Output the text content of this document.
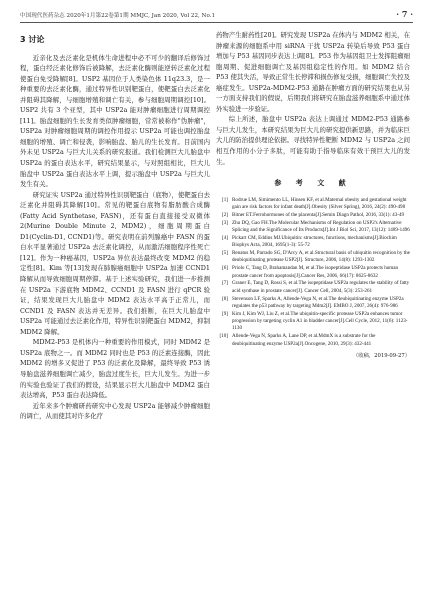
中国现代医药杂志 2020年1月第22卷第1期 MMJC, Jan 2020, Vol 22, No.1	· 7 ·
3 讨论

近亲化及去泛素化是机体生命进程中必不可少的翻译后修饰过程，蛋白经泛素化修饰后被降解，去泛素化酶则能逆转泛素化过程使蛋白免受降解[8]。USP2 基因位于人类染色体 11q23.3，是一种重要的去泛素化酶，通过特异性识别靶蛋白，使靶蛋白去泛素化并阻碍其降解，与细胞增殖和调亡有关，参与细胞周期调控[10]。USP2 共有 3 个亚型，其中 USP2a 能对肿瘤细胞进行周期调控[11]。胎盘细胞的生长发育类似肿瘤细胞，常常被称作"伪肿瘤"，USP2a 对肿瘤细胞周期的调控作用提示 USP2a 可能也调控胎盘细胞的增殖、调亡和侵袭，影响胎盘、胎儿的生长发育。目前国内外未见 USP2a 与巨大儿关系的研究报道。我们检测巨大儿胎盘中 USP2a 的蛋白表达水平，研究结果显示，与对照组相比，巨大儿胎盘中 USP2a 蛋白表达水平上调，提示胎盘中 USP2a 与巨大儿发生有关。

研究证实 USP2a 通过特异性识别靶蛋白（底物），使靶蛋白去泛素化并阻碍其降解[10]。常见的靶蛋白底物有脂肪酸合成酶(Fatty Acid Synthetase, FASN)，还有蛋白直接接受双微体 2(Murine Double Minute 2, MDM2)，细胞周期蛋白 D1(Cyclin-D1, CCND1)等。研究表明在前列腺癌中 FASN 的蛋白水平显著通过 USP2a 去泛素化调控，从而激活细胞程序性死亡[12]。作为一种癌基因，USP2a 异位表达最终改变 MDM2 的稳定性[8]。Kim 等[13]发现在肺腺癌细胞中 USP2a 加速 CCND1 降解从而导致细胞周期停滞。基于上述实验研究，我们进一步推测在 USP2a 下游底物 MDM2、CCND1 及 FASN 进行 qPCR 验证，结果发现巨大儿胎盘中 MDM2 表达水平高于正常儿，而 CCND1 及 FASN 表达并无差异。我们推断，在巨大儿胎盘中 USP2a 可能通过去泛素化作用，特异性识别靶蛋白 MDM2，抑制 MDM2 降解。

MDM2-P53 是机体内一种重要的作用模式，同时 MDM2 是 USP2a 底物之一。而 MDM2 同时也是 P53 的泛素连接酶，因此 MDM2 的增多又促进了 P53 的泛素化及降解，最终导致 P53 诱导胎盘滋养细胞调亡减少，胎盘过度生长，巨大儿发生。为进一步的实验也验证了我们的假设，结果显示巨大儿胎盘中 MDM2 蛋白表达增高，P53 蛋白表达降低。

近年来多个肿瘤研药研究中心发现 USP2a 能够减少肿瘤细胞的调亡，从而使其对许多化疗

药物产生耐药性[20]。研究发现 USP2a 在体内与 MDM2 相关，在肿瘤来源的细胞系中用 siRNA 干扰 USP2a 转染后导致 P53 蛋白增加与 P53 基因同步表达上调[8]。P53 作为基因组卫士发挥阻瘤细胞周期、促进细胞调亡及基因组稳定性的作用。如 MDM2 结合 P53 使其失活，导致正常生长停滞和损伤修复受损，细胞调亡失控及癌症发生。USP2a-MDM2-P53 通路在肿瘤方面的研究结果也从另一方面支持我们的假说，后期我们将研究在胎盘滋养细胞系中通过体外实验进一步验证。

综上所述，胎盘中 USP2a 表达上调通过 MDM2-P53 通路参与巨大儿发生，本研究结果为巨大儿的研究提供新思路，并为临床巨大儿的防治提供理论依据。寻找特异性靶断 MDM2 与 USP2a 之间相互作用的小分子多肽，可能有助于指导临床有效干预巨大儿的发生。

参 考 文 献
[1] Rodrue LM, Simimento LL, Hinsen KF, et al.Maternal obesity and gestational weight gain are risk factors for infant death[J].Obesity (Silver Spring), 2016, 24(2): 490-498
[2] Bitner ET.Ferrohormones of the placenta[J].Semin Diagn Pathol, 2016, 33(1): 43-49
[3] Zhu DQ, Gao FH.The Molecular Mechanisms of Regulation on USP2's Alternative Splicing and the Significance of Its Products[J].Int J Biol Sci, 2017, 13(12): 1489-1496
[4] Pickart CM, Eddins MJ.Ubiquitin: structures, functions, mechanisms[J].Biochim Biophys Acta, 2004, 1695(1-3): 55-72
[5] Renatus M, Parrado SG, D'Arcy A, et al.Structural basis of ubiquitin recognition by the deubiquitinating protease USP2[J]. Structure, 2006, 14(8): 1293-1302
[6] Priolo C, Tang D, Brahamandan M, et al.The isopeptidase USP2a protects human prostate cancer from apoptosis[J].Cancer Res, 2006, 66(17): 8625-8632
[7] Graner E, Tang D, Rossi S, et al.The isopeptidase USP2a regulates the stability of fatty acid synthase in prostate cancer[J]. Cancer Cell, 2004, 5(3): 253-261
[8] Stevenson LF, Sparks A, Allende-Vega N, et al.The deubiquitinating enzyme USP2a regulates the p53 pathway by targeting Mdm2[J]. EMBO J, 2007, 26(4): 976-986
[9] Kim J, Kim WJ, Liu Z, et al.The ubiquitin-specific protease USP2a enhances tumor progression by targeting cyclin A1 in bladder cancer[J].Cell Cycle, 2012, 11(6): 1123-1130
[10] Allende-Vega N, Sparks A, Lane DP, et al.MdmX is a substrate for the deubiquitinating enzyme USP2a[J].Oncogene, 2010, 29(3): 432-441
（收稿，2019-09-27）
